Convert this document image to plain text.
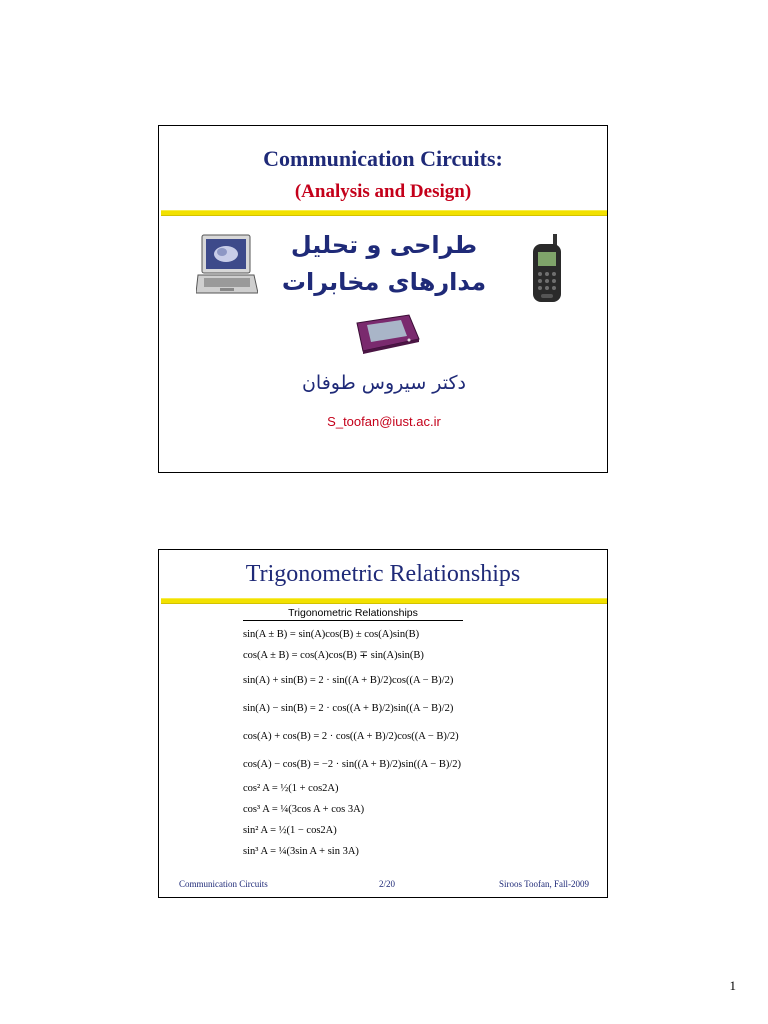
Communication Circuits:
(Analysis and Design)
طراحی و تحلیل
مدارهای مخابرات
دکتر سیروس طوفان
S_toofan@iust.ac.ir
Trigonometric Relationships
Trigonometric Relationships
sin(A ± B) = sin(A)cos(B) ± cos(A)sin(B)
cos(A ± B) = cos(A)cos(B) ∓ sin(A)sin(B)
sin(A) + sin(B) = 2 · sin((A + B)/2)cos((A − B)/2)
sin(A) − sin(B) = 2 · cos((A + B)/2)sin((A − B)/2)
cos(A) + cos(B) = 2 · cos((A + B)/2)cos((A − B)/2)
cos(A) − cos(B) = −2 · sin((A + B)/2)sin((A − B)/2)
cos² A = ½(1 + cos2A)
cos³ A = ¼(3cos A + cos 3A)
sin² A = ½(1 − cos2A)
sin³ A = ¼(3sin A + sin 3A)
Communication Circuits	2/20	Siroos Toofan, Fall-2009
1
